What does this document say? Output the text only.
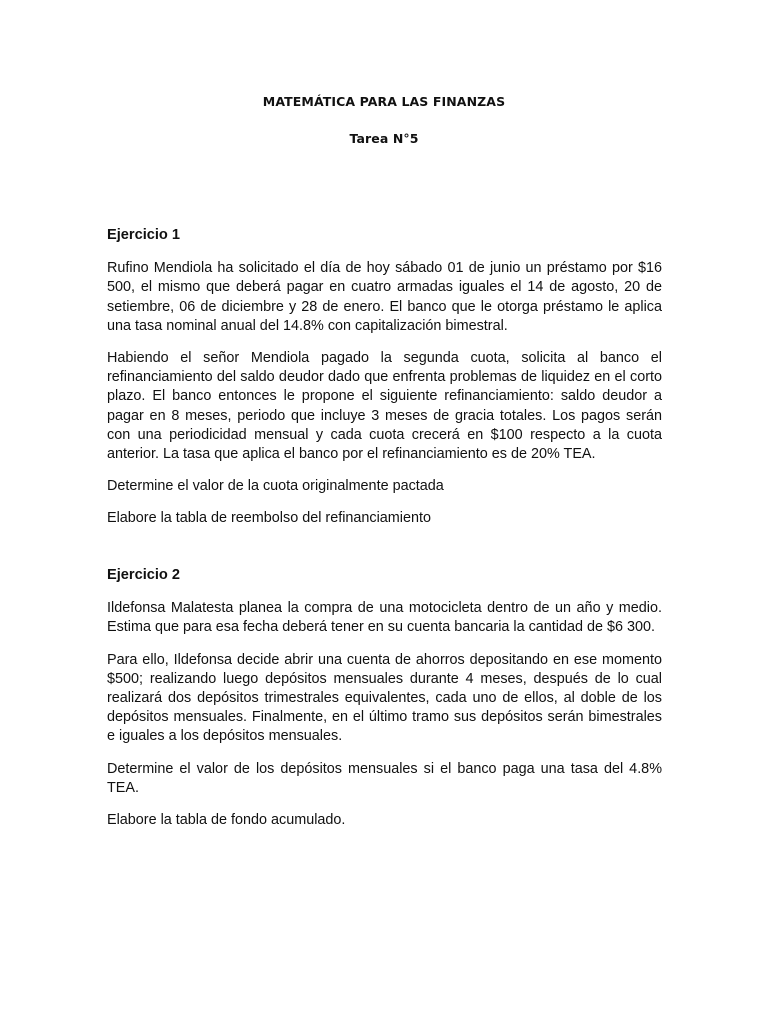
MATEMÁTICA PARA LAS FINANZAS
Tarea N°5
Ejercicio 1

Rufino Mendiola ha solicitado el día de hoy sábado 01 de junio un préstamo por $16 500, el mismo que deberá pagar en cuatro armadas iguales el 14 de agosto, 20 de setiembre, 06 de diciembre y 28 de enero. El banco que le otorga préstamo le aplica una tasa nominal anual del 14.8% con capitalización bimestral.

Habiendo el señor Mendiola pagado la segunda cuota, solicita al banco el refinanciamiento del saldo deudor dado que enfrenta problemas de liquidez en el corto plazo. El banco entonces le propone el siguiente refinanciamiento: saldo deudor a pagar en 8 meses, periodo que incluye 3 meses de gracia totales. Los pagos serán con una periodicidad mensual y cada cuota crecerá en $100 respecto a la cuota anterior. La tasa que aplica el banco por el refinanciamiento es de 20% TEA.

Determine el valor de la cuota originalmente pactada

Elabore la tabla de reembolso del refinanciamiento

Ejercicio 2

Ildefonsa Malatesta planea la compra de una motocicleta dentro de un año y medio. Estima que para esa fecha deberá tener en su cuenta bancaria la cantidad de $6 300.

Para ello, Ildefonsa decide abrir una cuenta de ahorros depositando en ese momento $500; realizando luego depósitos mensuales durante 4 meses, después de lo cual realizará dos depósitos trimestrales equivalentes, cada uno de ellos, al doble de los depósitos mensuales. Finalmente, en el último tramo sus depósitos serán bimestrales e iguales a los depósitos mensuales.

Determine el valor de los depósitos mensuales si el banco paga una tasa del 4.8% TEA.

Elabore la tabla de fondo acumulado.
